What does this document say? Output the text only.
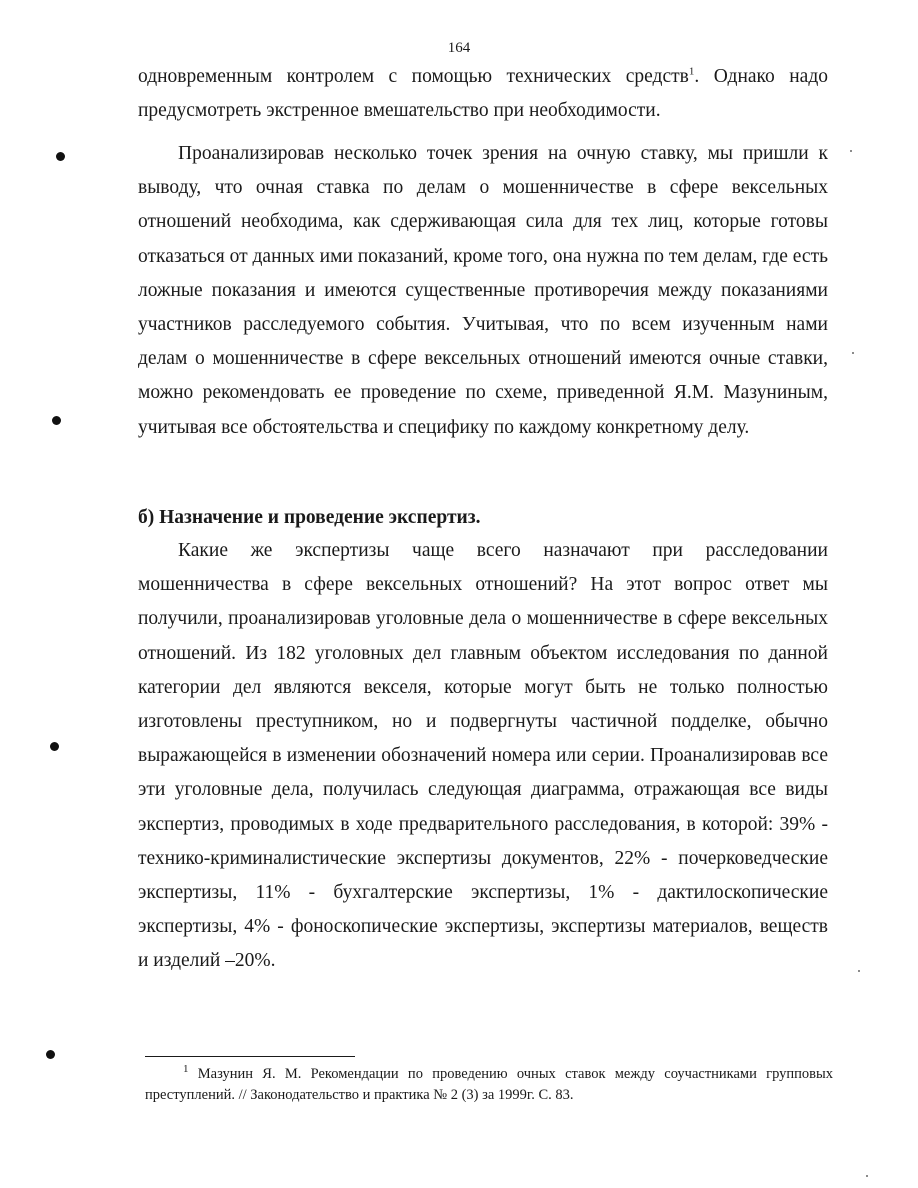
164

одновременным контролем с помощью технических средств$^1$. Однако надо предусмотреть экстренное вмешательство при необходимости.

Проанализировав несколько точек зрения на очную ставку, мы пришли к выводу, что очная ставка по делам о мошенничестве в сфере вексельных отношений необходима, как сдерживающая сила для тех лиц, которые готовы отказаться от данных ими показаний, кроме того, она нужна по тем делам, где есть ложные показания и имеются существенные противоречия между показаниями участников расследуемого события. Учитывая, что по всем изученным нами делам о мошенничестве в сфере вексельных отношений имеются очные ставки, можно рекомендовать ее проведение по схеме, приведенной Я.М. Мазуниным, учитывая все обстоятельства и специфику по каждому конкретному делу.

б) Назначение и проведение экспертиз.

Какие же экспертизы чаще всего назначают при расследовании мошенничества в сфере вексельных отношений? На этот вопрос ответ мы получили, проанализировав уголовные дела о мошенничестве в сфере вексельных отношений. Из 182 уголовных дел главным объектом исследования по данной категории дел являются векселя, которые могут быть не только полностью изготовлены преступником, но и подвергнуты частичной подделке, обычно выражающейся в изменении обозначений номера или серии. Проанализировав все эти уголовные дела, получилась следующая диаграмма, отражающая все виды экспертиз, проводимых в ходе предварительного расследования, в которой: 39% - технико-криминалистические экспертизы документов, 22% - почерковедческие экспертизы, 11% - бухгалтерские экспертизы, 1% - дактилоскопические экспертизы, 4% - фоноскопические экспертизы, экспертизы материалов, веществ и изделий –20%.

$^1$ Мазунин Я. М. Рекомендации по проведению очных ставок между соучастниками групповых преступлений. // Законодательство и практика № 2 (3) за 1999г. С. 83.
